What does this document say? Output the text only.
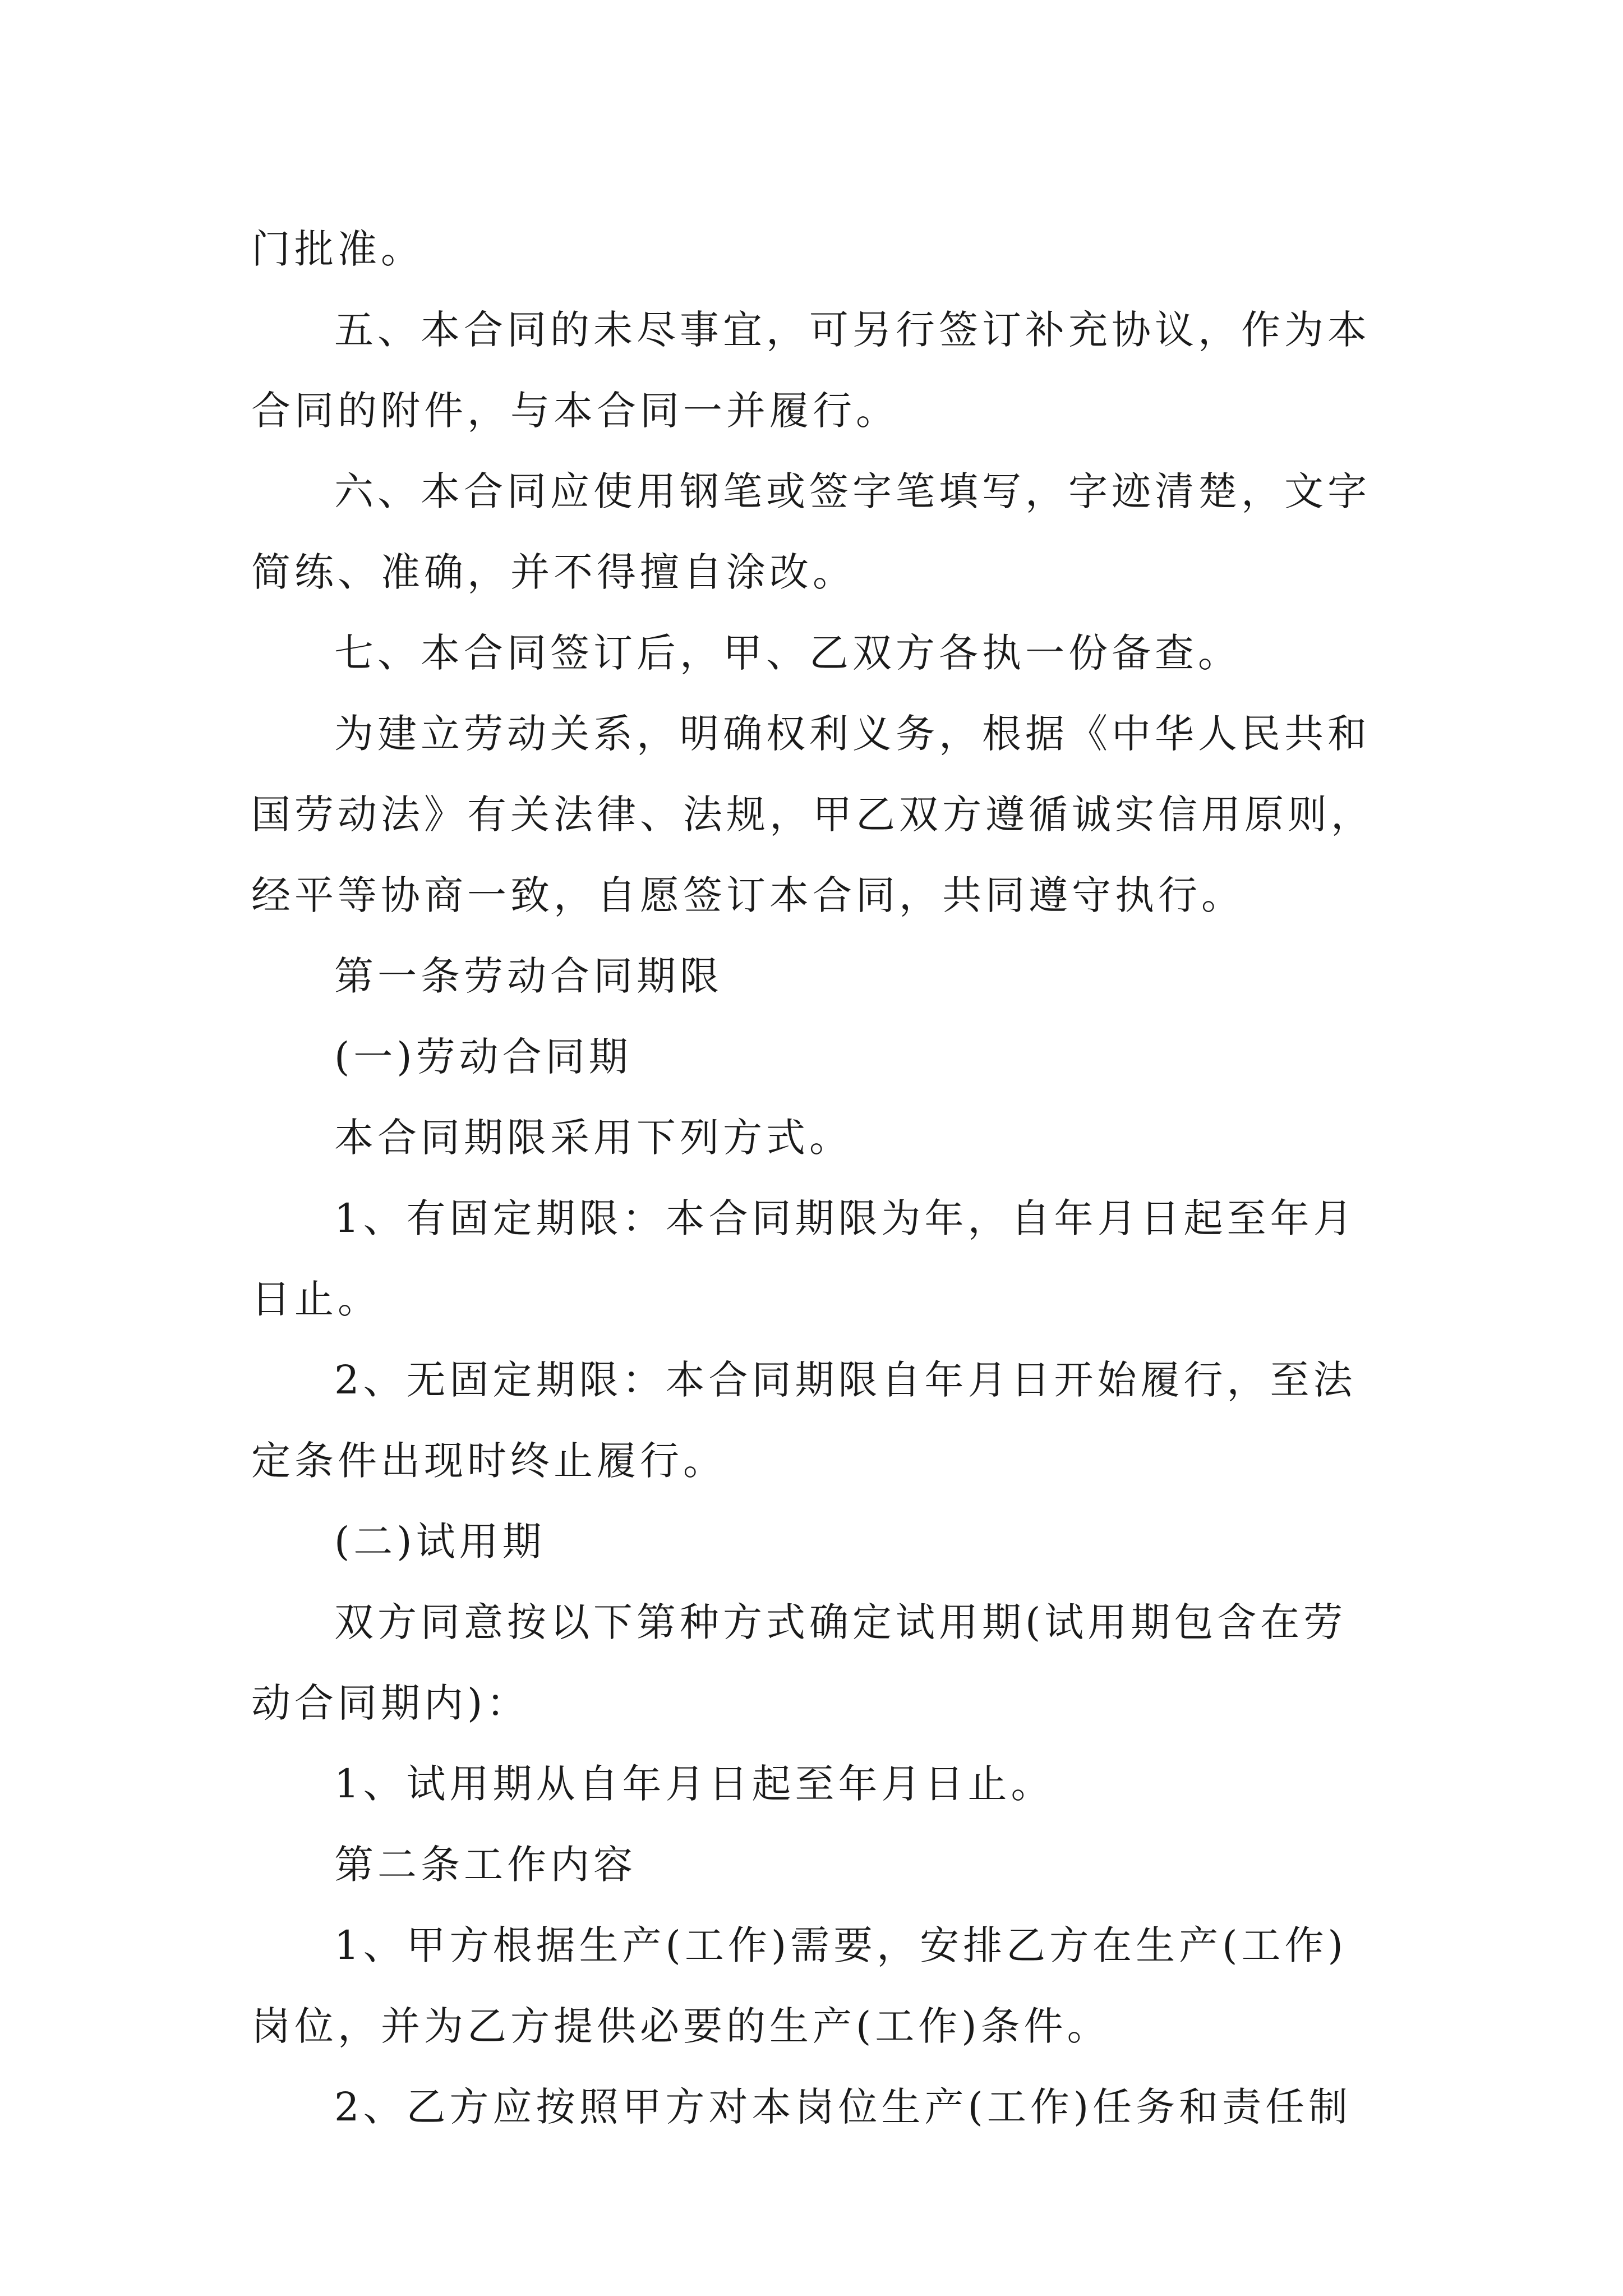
门批准。

五、本合同的未尽事宜，可另行签订补充协议，作为本合同的附件，与本合同一并履行。

六、本合同应使用钢笔或签字笔填写，字迹清楚，文字简练、准确，并不得擅自涂改。

七、本合同签订后，甲、乙双方各执一份备查。

为建立劳动关系，明确权利义务，根据《中华人民共和国劳动法》有关法律、法规，甲乙双方遵循诚实信用原则，经平等协商一致，自愿签订本合同，共同遵守执行。

第一条劳动合同期限

(一)劳动合同期

本合同期限采用下列方式。

1、有固定期限：本合同期限为年，自年月日起至年月日止。

2、无固定期限：本合同期限自年月日开始履行，至法定条件出现时终止履行。

(二)试用期

双方同意按以下第种方式确定试用期(试用期包含在劳动合同期内)：

1、试用期从自年月日起至年月日止。

第二条工作内容

1、甲方根据生产(工作)需要，安排乙方在生产(工作)岗位，并为乙方提供必要的生产(工作)条件。

2、乙方应按照甲方对本岗位生产(工作)任务和责任制
